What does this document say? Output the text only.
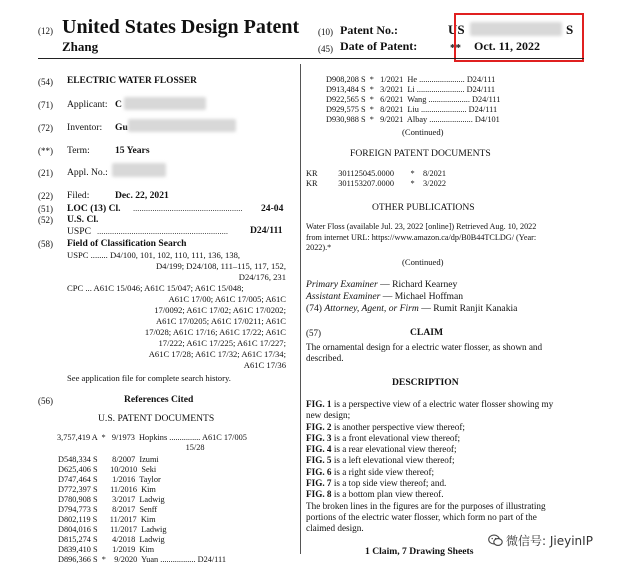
(12) United States Design Patent
Zhang
(10) Patent No.:	US	S
(45) Date of Patent:	** Oct. 11, 2022
(54) ELECTRIC WATER FLOSSER
(71) Applicant: C
(72) Inventor: Gu
(**) Term:	15 Years
(21) Appl. No.:
(22) Filed:	Dec. 22, 2021
(51) LOC (13) Cl. ................................................... 24-04
(52) U.S. Cl.
USPC ............................................................. D24/111
(58) Field of Classification Search
USPC ........ D4/100, 101, 102, 110, 111, 136, 138,
D4/199; D24/108, 111–115, 117, 152,
D24/176, 231
CPC ... A61C 15/046; A61C 15/047; A61C 15/048;
A61C 17/00; A61C 17/005; A61C
17/0092; A61C 17/02; A61C 17/0202;
A61C 17/0205; A61C 17/0211; A61C
17/028; A61C 17/16; A61C 17/22; A61C
17/222; A61C 17/225; A61C 17/227;
A61C 17/28; A61C 17/32; A61C 17/34;
A61C 17/36
See application file for complete search history.
(56)	References Cited
U.S. PATENT DOCUMENTS
3,757,419 A  *   9/1973  Hopkins ............... A61C 17/005
15/28
D548,334 S       8/2007  Izumi
D625,406 S      10/2010  Seki
D747,464 S       1/2016  Taylor
D772,397 S      11/2016  Kim
D780,908 S       3/2017  Ladwig
D794,773 S       8/2017  Senff
D802,119 S      11/2017  Kim
D804,016 S      11/2017  Ladwig
D815,274 S       4/2018  Ladwig
D839,410 S       1/2019  Kim
D896,366 S  *    9/2020  Yuan ................. D24/111
D908,208 S  *   1/2021  He ...................... D24/111
D913,484 S  *   3/2021  Li ....................... D24/111
D922,565 S  *   6/2021  Wang .................... D24/111
D929,575 S  *   8/2021  Liu ...................... D24/111
D930,988 S  *   9/2021  Albay ..................... D4/101
(Continued)
FOREIGN PATENT DOCUMENTS
KR          301125045.0000        *    8/2021
KR          301153207.0000        *    3/2022
OTHER PUBLICATIONS
Water Floss (available Jul. 23, 2022 [online]) Retrieved Aug. 10, 2022 from internet URL: https://www.amazon.ca/dp/B0B44TCLDG/ (Year: 2022).*
(Continued)
Primary Examiner — Richard Kearney
Assistant Examiner — Michael Hoffman
(74) Attorney, Agent, or Firm — Rumit Ranjit Kanakia
(57)	CLAIM
The ornamental design for a electric water flosser, as shown and described.
DESCRIPTION
FIG. 1 is a perspective view of a electric water flosser showing my new design;
FIG. 2 is another perspective view thereof;
FIG. 3 is a front elevational view thereof;
FIG. 4 is a rear elevational view thereof;
FIG. 5 is a left elevational view thereof;
FIG. 6 is a right side view thereof;
FIG. 7 is a top side view thereof; and.
FIG. 8 is a bottom plan view thereof.
The broken lines in the figures are for the purposes of illustrating portions of the electric water flosser, which form no part of the claimed design.
1 Claim, 7 Drawing Sheets
微信号: JieyinIP
